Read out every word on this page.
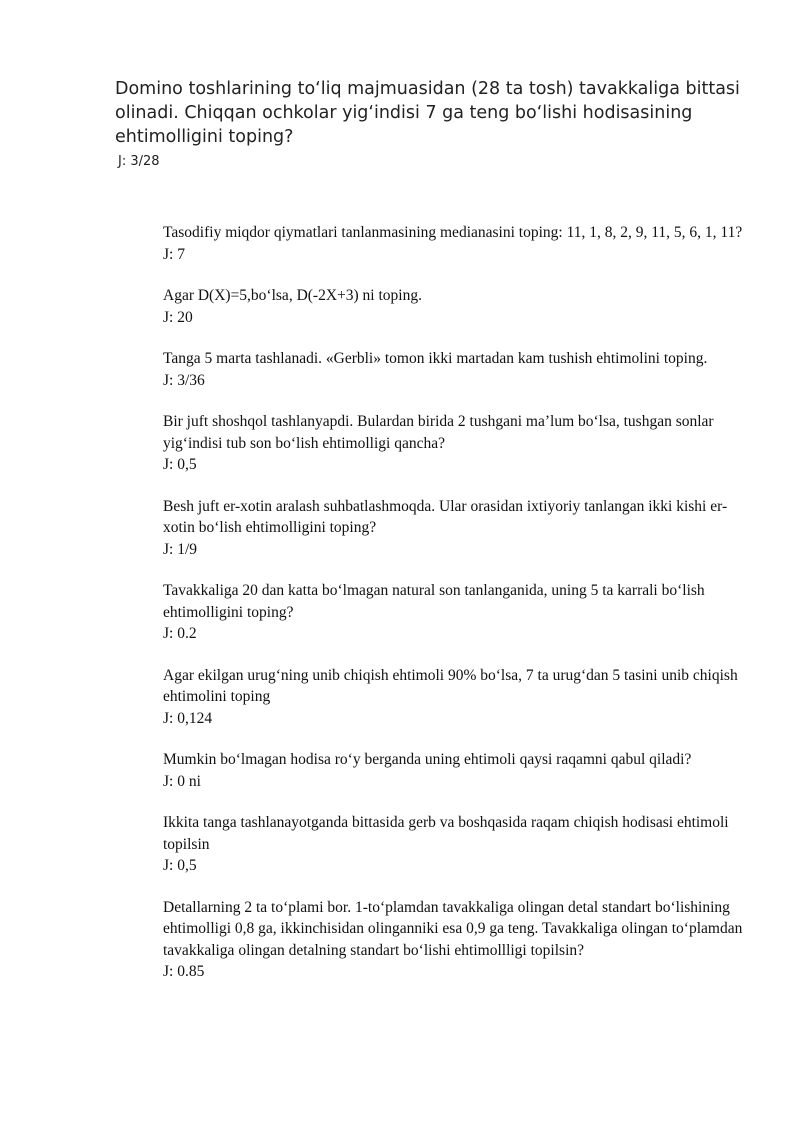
Domino toshlarining to‘liq majmuasidan (28 ta tosh) tavakkaliga bittasi olinadi. Chiqqan ochkolar yig‘indisi 7 ga teng bo‘lishi hodisasining ehtimolligini toping?

J: 3/28

Tasodifiy miqdor qiymatlari tanlanmasining medianasini toping: 11, 1, 8, 2, 9, 11, 5, 6, 1, 11?

J: 7

Agar D(X)=5,bo‘lsa, D(-2X+3) ni toping.

J: 20

Tanga 5 marta tashlanadi. «Gerbli» tomon ikki martadan kam tushish ehtimolini toping.

J: 3/36

Bir juft shoshqol tashlanyapdi. Bulardan birida 2 tushgani ma’lum bo‘lsa, tushgan sonlar yig‘indisi tub son bo‘lish ehtimolligi qancha?

J: 0,5

Besh juft er-xotin aralash suhbatlashmoqda. Ular orasidan ixtiyoriy tanlangan ikki kishi er-xotin bo‘lish ehtimolligini toping?

J: 1/9

Tavakkaliga 20 dan katta bo‘lmagan natural son tanlanganida, uning 5 ta karrali bo‘lish ehtimolligini toping?

J: 0.2

Agar ekilgan urug‘ning unib chiqish ehtimoli 90% bo‘lsa, 7 ta urug‘dan 5 tasini unib chiqish ehtimolini toping

J: 0,124

Mumkin bo‘lmagan hodisa ro‘y berganda uning ehtimoli qaysi raqamni qabul qiladi?

J: 0 ni

Ikkita tanga tashlanayotganda bittasida gerb va boshqasida raqam chiqish hodisasi ehtimoli topilsin

J: 0,5

Detallarning 2 ta to‘plami bor. 1-to‘plamdan tavakkaliga olingan detal standart bo‘lishining ehtimolligi 0,8 ga, ikkinchisidan olinganniki esa 0,9 ga teng. Tavakkaliga olingan to‘plamdan tavakkaliga olingan detalning standart bo‘lishi ehtimollligi topilsin?

J: 0.85
